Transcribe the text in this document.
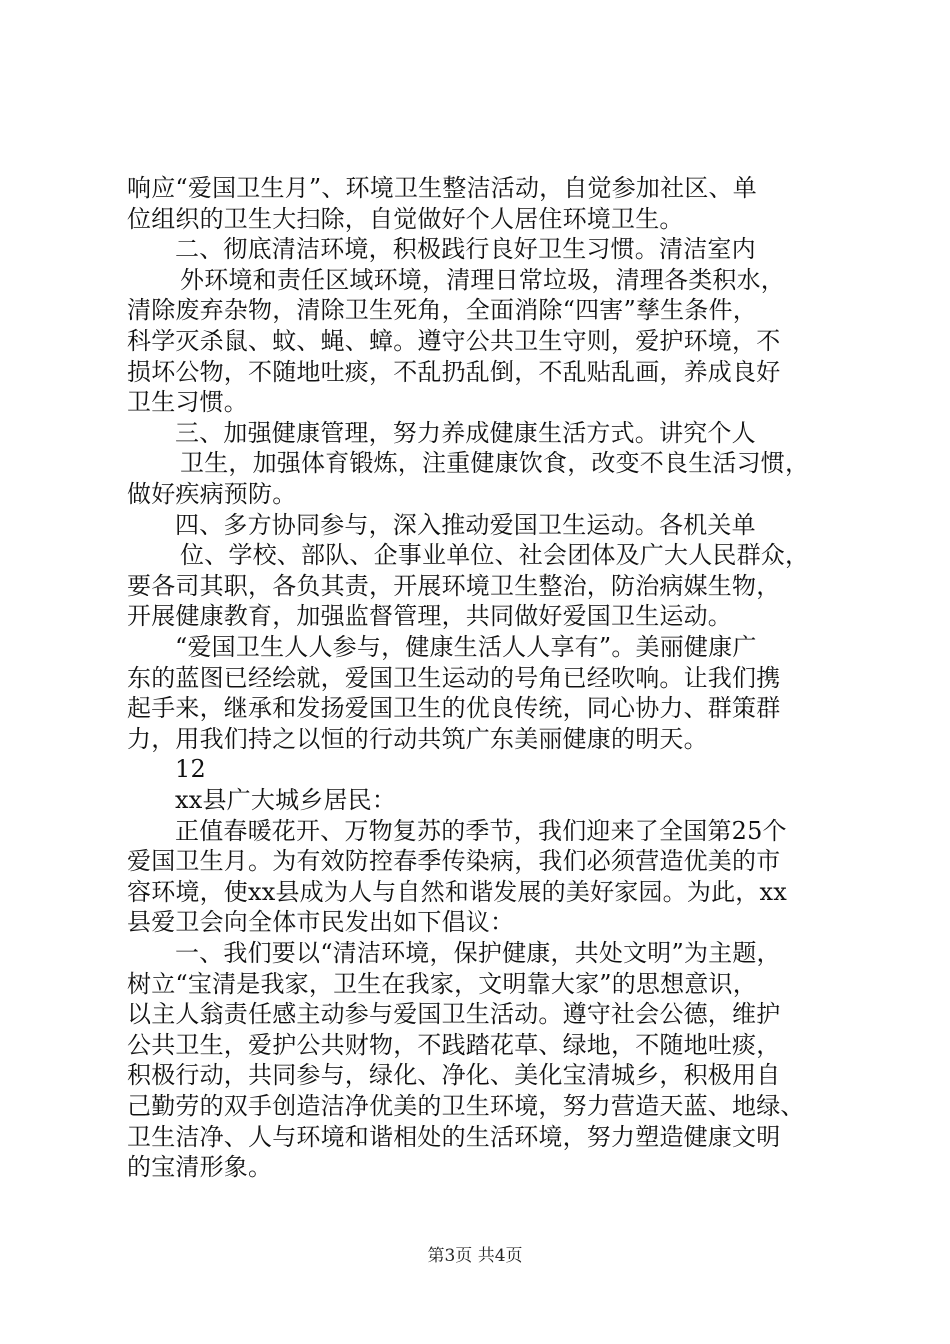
响应“爱国卫生月”、环境卫生整洁活动，自觉参加社区、单
位组织的卫生大扫除，自觉做好个人居住环境卫生。
二、彻底清洁环境，积极践行良好卫生习惯。清洁室内
外环境和责任区域环境，清理日常垃圾，清理各类积水，
清除废弃杂物，清除卫生死角，全面消除“四害”孳生条件，
科学灭杀鼠、蚊、蝇、蟑。遵守公共卫生守则，爱护环境，不
损坏公物，不随地吐痰，不乱扔乱倒，不乱贴乱画，养成良好
卫生习惯。
三、加强健康管理，努力养成健康生活方式。讲究个人
卫生，加强体育锻炼，注重健康饮食，改变不良生活习惯，
做好疾病预防。
四、多方协同参与，深入推动爱国卫生运动。各机关单
位、学校、部队、企事业单位、社会团体及广大人民群众，
要各司其职，各负其责，开展环境卫生整治，防治病媒生物，
开展健康教育，加强监督管理，共同做好爱国卫生运动。
“爱国卫生人人参与，健康生活人人享有”。美丽健康广
东的蓝图已经绘就，爱国卫生运动的号角已经吹响。让我们携
起手来，继承和发扬爱国卫生的优良传统，同心协力、群策群
力，用我们持之以恒的行动共筑广东美丽健康的明天。
12
xx县广大城乡居民：
正值春暖花开、万物复苏的季节，我们迎来了全国第25个
爱国卫生月。为有效防控春季传染病，我们必须营造优美的市
容环境，使xx县成为人与自然和谐发展的美好家园。为此，xx
县爱卫会向全体市民发出如下倡议：
一、我们要以“清洁环境，保护健康，共处文明”为主题，
树立“宝清是我家，卫生在我家，文明靠大家”的思想意识，
以主人翁责任感主动参与爱国卫生活动。遵守社会公德，维护
公共卫生，爱护公共财物，不践踏花草、绿地，不随地吐痰，
积极行动，共同参与，绿化、净化、美化宝清城乡，积极用自
己勤劳的双手创造洁净优美的卫生环境，努力营造天蓝、地绿、
卫生洁净、人与环境和谐相处的生活环境，努力塑造健康文明
的宝清形象。
第3页 共4页
